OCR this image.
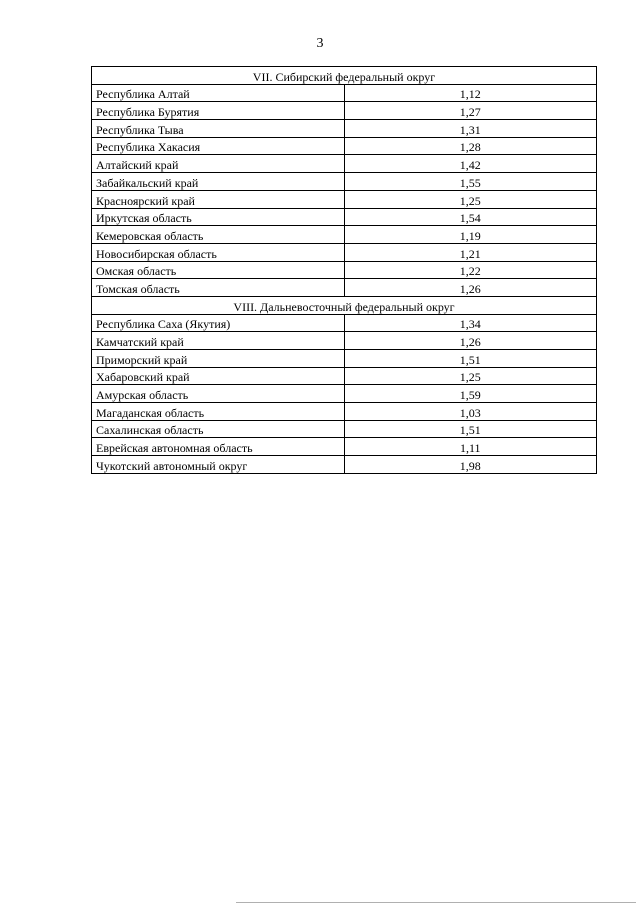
3
VII. Сибирский федеральный округ	
Республика Алтай	1,12
Республика Бурятия	1,27
Республика Тыва	1,31
Республика Хакасия	1,28
Алтайский край	1,42
Забайкальский край	1,55
Красноярский край	1,25
Иркутская область	1,54
Кемеровская область	1,19
Новосибирская область	1,21
Омская область	1,22
Томская область	1,26
VIII. Дальневосточный федеральный округ	
Республика Саха (Якутия)	1,34
Камчатский край	1,26
Приморский край	1,51
Хабаровский край	1,25
Амурская область	1,59
Магаданская область	1,03
Сахалинская область	1,51
Еврейская автономная область	1,11
Чукотский автономный округ	1,98
